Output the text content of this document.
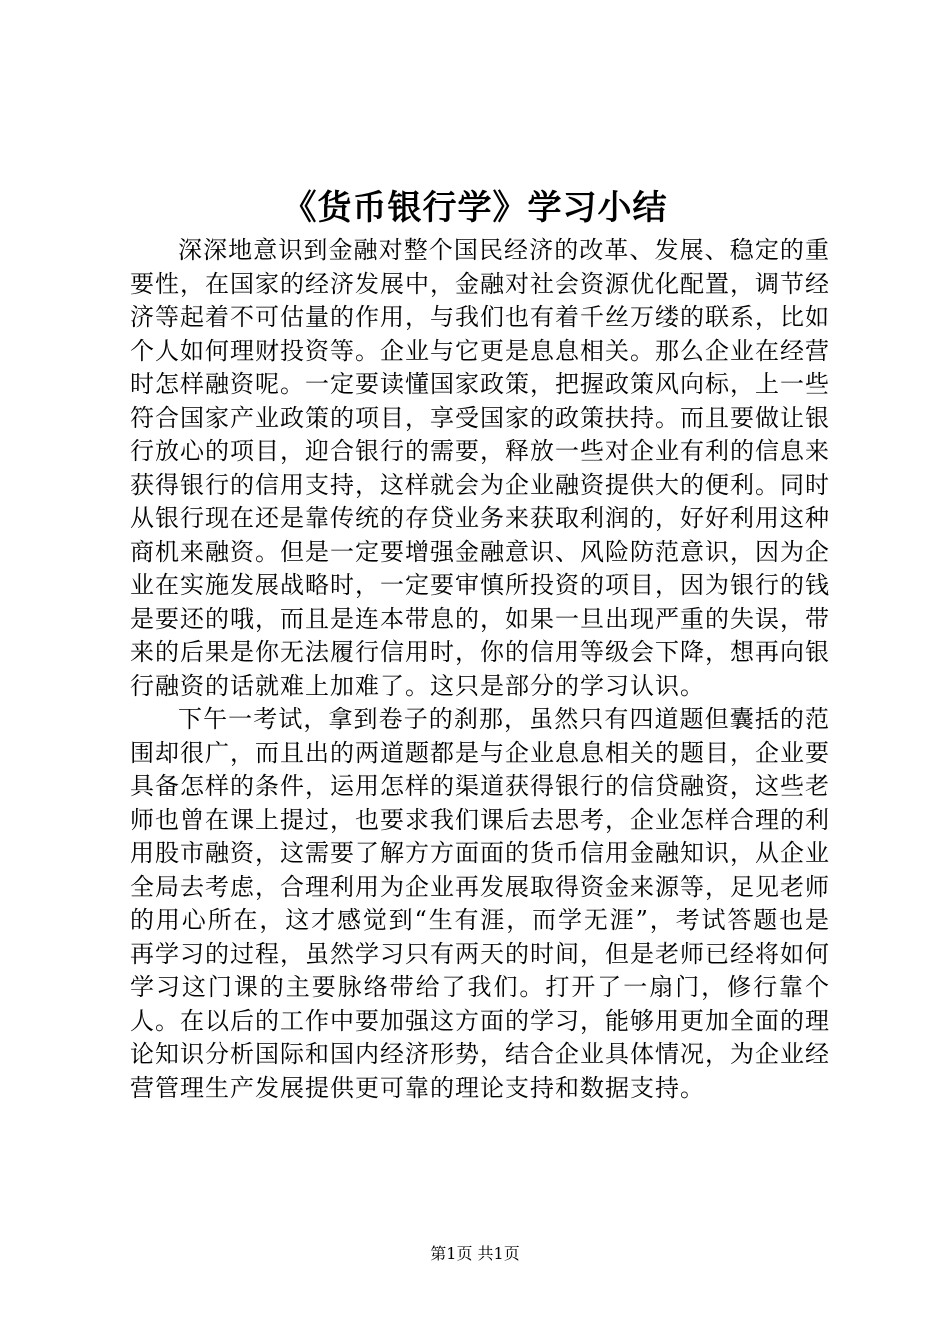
《货币银行学》学习小结

深深地意识到金融对整个国民经济的改革、发展、稳定的重要性，在国家的经济发展中，金融对社会资源优化配置，调节经济等起着不可估量的作用，与我们也有着千丝万缕的联系，比如个人如何理财投资等。企业与它更是息息相关。那么企业在经营时怎样融资呢。一定要读懂国家政策，把握政策风向标，上一些符合国家产业政策的项目，享受国家的政策扶持。而且要做让银行放心的项目，迎合银行的需要，释放一些对企业有利的信息来获得银行的信用支持，这样就会为企业融资提供大的便利。同时从银行现在还是靠传统的存贷业务来获取利润的，好好利用这种商机来融资。但是一定要增强金融意识、风险防范意识，因为企业在实施发展战略时，一定要审慎所投资的项目，因为银行的钱是要还的哦，而且是连本带息的，如果一旦出现严重的失误，带来的后果是你无法履行信用时，你的信用等级会下降，想再向银行融资的话就难上加难了。这只是部分的学习认识。

下午一考试，拿到卷子的刹那，虽然只有四道题但囊括的范围却很广，而且出的两道题都是与企业息息相关的题目，企业要具备怎样的条件，运用怎样的渠道获得银行的信贷融资，这些老师也曾在课上提过，也要求我们课后去思考，企业怎样合理的利用股市融资，这需要了解方方面面的货币信用金融知识，从企业全局去考虑，合理利用为企业再发展取得资金来源等，足见老师的用心所在，这才感觉到“生有涯，而学无涯”，考试答题也是再学习的过程，虽然学习只有两天的时间，但是老师已经将如何学习这门课的主要脉络带给了我们。打开了一扇门，修行靠个人。在以后的工作中要加强这方面的学习，能够用更加全面的理论知识分析国际和国内经济形势，结合企业具体情况，为企业经营管理生产发展提供更可靠的理论支持和数据支持。

第1页 共1页
